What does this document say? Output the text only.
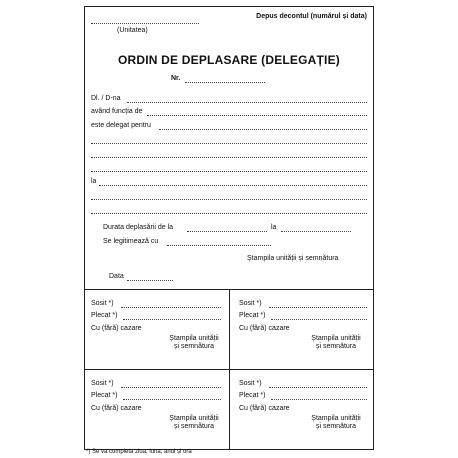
Depus decontul (numărul și data)
(Unitatea)
ORDIN DE DEPLASARE (DELEGAȚIE)
Nr.
Dl. / D-na
având funcția de
este delegat pentru
la
Durata deplasării de la	la
Se legitimează cu
Ștampila unității și semnătura
Data
Sosit *)
Plecat *)
Cu (fără) cazare
Ștampila unității
și semnătura
Sosit *)
Plecat *)
Cu (fără) cazare
Ștampila unității
și semnătura
Sosit *)
Plecat *)
Cu (fără) cazare
Ștampila unității
și semnătura
Sosit *)
Plecat *)
Cu (fără) cazare
Ștampila unității
și semnătura
*) Se va completa ziua, luna, anul și ora
